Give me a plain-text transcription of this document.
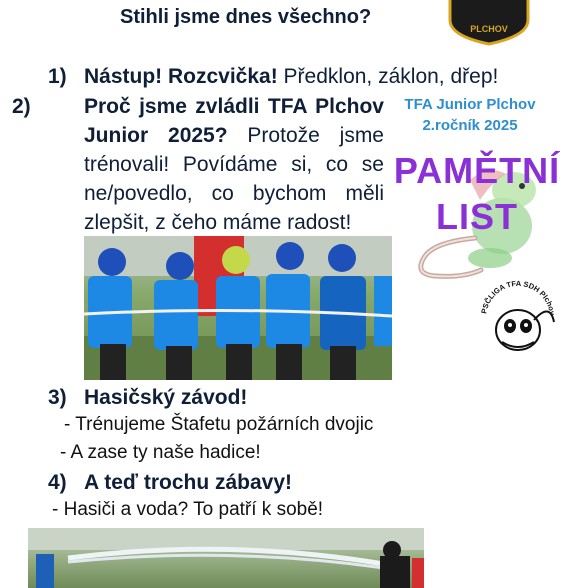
Stihli jsme dnes všechno?
PLCHOV
1) Nástup! Rozcvička! Předklon, záklon, dřep!
2)	Proč jsme zvládli TFA Plchov Junior 2025? Protože jsme trénovali! Povídáme si, co se ne/povedlo, co bychom měli zlepšit, z čeho máme radost!
TFA Junior Plchov
2.ročník 2025
PAMĚTNÍ
LIST
PSČLIGA TFA SDH Plchov
3) Hasičský závod!
- Trénujeme Štafetu požárních dvojic
- A zase ty naše hadice!
4) A teď trochu zábavy!
- Hasiči a voda? To patří k sobě!
